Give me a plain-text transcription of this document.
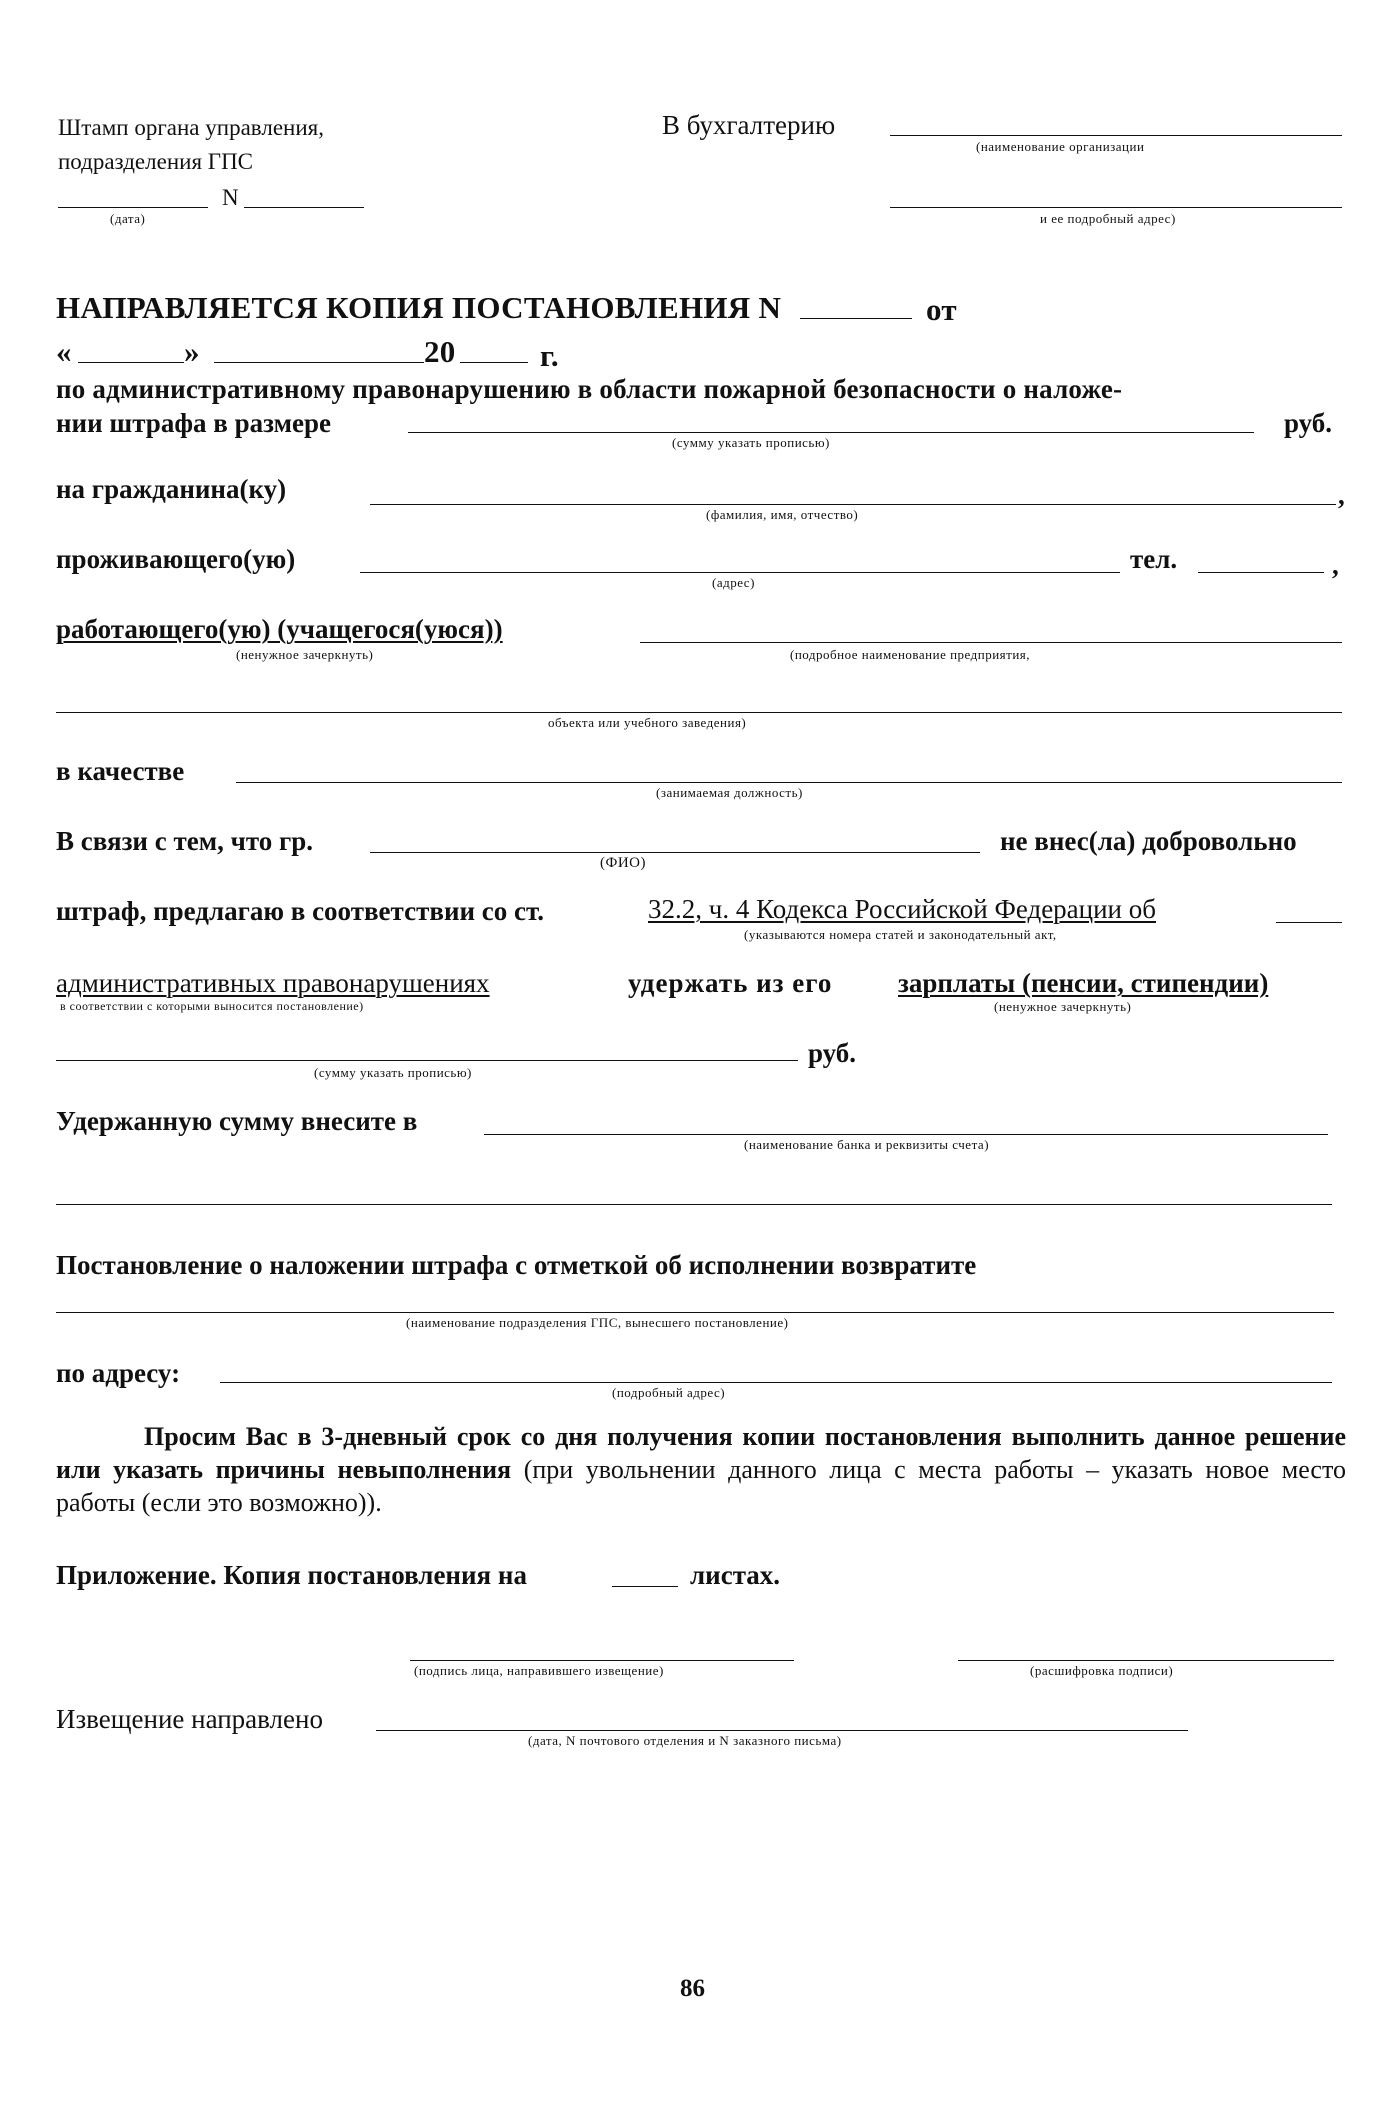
Штамп органа управления,
подразделения ГПС
N
(дата)
В бухгалтерию
(наименование организации
и ее подробный адрес)
НАПРАВЛЯЕТСЯ КОПИЯ ПОСТАНОВЛЕНИЯ N	от
«	»	20	г.
по административному правонарушению в области пожарной безопасности о наложе-
нии штрафа в размере	руб.
(сумму указать прописью)
на гражданина(ку)	,
(фамилия, имя, отчество)
проживающего(ую)	тел.	,
(адрес)
работающего(ую) (учащегося(уюся))
(ненужное зачеркнуть)	(подробное наименование предприятия,
объекта или учебного заведения)
в качестве
(занимаемая должность)
В связи с тем, что гр.
(ФИО)
не внес(ла) добровольно
штраф, предлагаю в соответствии со ст.	32.2, ч. 4 Кодекса Российской Федерации об
(указываются номера статей и законодательный акт,
административных правонарушениях	удержать из его зарплаты (пенсии, стипендии)
в соответствии с которыми выносится постановление)	(ненужное зачеркнуть)
руб.
(сумму указать прописью)
Удержанную сумму внесите в
(наименование банка и реквизиты счета)
Постановление о наложении штрафа с отметкой об исполнении возвратите
(наименование подразделения ГПС, вынесшего постановление)
по адресу:
(подробный адрес)
Просим Вас в 3-дневный срок со дня получения копии постановления выполнить данное решение или указать причины невыполнения (при увольнении данного лица с места работы – указать новое место работы (если это возможно)).
Приложение. Копия постановления на	листах.
(подпись лица, направившего извещение)	(расшифровка подписи)
Извещение направлено
(дата, N почтового отделения и N заказного письма)
86
